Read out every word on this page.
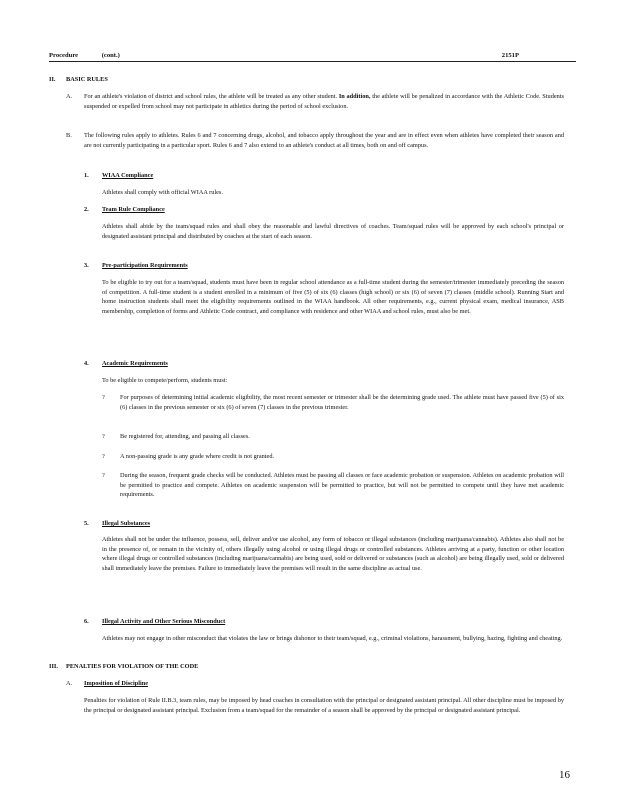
Procedure	(cont.)	2151P
II. BASIC RULES
A. For an athlete's violation of district and school rules, the athlete will be treated as any other student. In addition, the athlete will be penalized in accordance with the Athletic Code. Students suspended or expelled from school may not participate in athletics during the period of school exclusion.
B. The following rules apply to athletes. Rules 6 and 7 concerning drugs, alcohol, and tobacco apply throughout the year and are in effect even when athletes have completed their season and are not currently participating in a particular sport. Rules 6 and 7 also extend to an athlete's conduct at all times, both on and off campus.
1. WIAA Compliance
Athletes shall comply with official WIAA rules.
2. Team Rule Compliance
Athletes shall abide by the team/squad rules and shall obey the reasonable and lawful directives of coaches. Team/squad rules will be approved by each school's principal or designated assistant principal and distributed by coaches at the start of each season.
3. Pre-participation Requirements
To be eligible to try out for a team/squad, students must have been in regular school attendance as a full-time student during the semester/trimester immediately preceding the season of competition. A full-time student is a student enrolled in a minimum of five (5) of six (6) classes (high school) or six (6) of seven (7) classes (middle school). Running Start and home instruction students shall meet the eligibility requirements outlined in the WIAA handbook. All other requirements, e.g., current physical exam, medical insurance, ASB membership, completion of forms and Athletic Code contract, and compliance with residence and other WIAA and school rules, must also be met.
4. Academic Requirements
To be eligible to compete/perform, students must:
? For purposes of determining initial academic eligibility, the most recent semester or trimester shall be the determining grade used. The athlete must have passed five (5) of six (6) classes in the previous semester or six (6) of seven (7) classes in the previous trimester.
? Be registered for, attending, and passing all classes.
? A non-passing grade is any grade where credit is not granted.
? During the season, frequent grade checks will be conducted. Athletes must be passing all classes or face academic probation or suspension. Athletes on academic probation will be permitted to practice and compete. Athletes on academic suspension will be permitted to practice, but will not be permitted to compete until they have met academic requirements.
5. Illegal Substances
Athletes shall not be under the influence, possess, sell, deliver and/or use alcohol, any form of tobacco or illegal substances (including marijuana/cannabis). Athletes also shall not be in the presence of, or remain in the vicinity of, others illegally using alcohol or using illegal drugs or controlled substances. Athletes arriving at a party, function or other location where illegal drugs or controlled substances (including marijuana/cannabis) are being used, sold or delivered or substances (such as alcohol) are being illegally used, sold or delivered shall immediately leave the premises. Failure to immediately leave the premises will result in the same discipline as actual use.
6. Illegal Activity and Other Serious Misconduct
Athletes may not engage in other misconduct that violates the law or brings dishonor to their team/squad, e.g., criminal violations, harassment, bullying, hazing, fighting and cheating.
III. PENALTIES FOR VIOLATION OF THE CODE
A. Imposition of Discipline
Penalties for violation of Rule II.B.3, team rules, may be imposed by head coaches in consultation with the principal or designated assistant principal. All other discipline must be imposed by the principal or designated assistant principal. Exclusion from a team/squad for the remainder of a season shall be approved by the principal or designated assistant principal.
16
